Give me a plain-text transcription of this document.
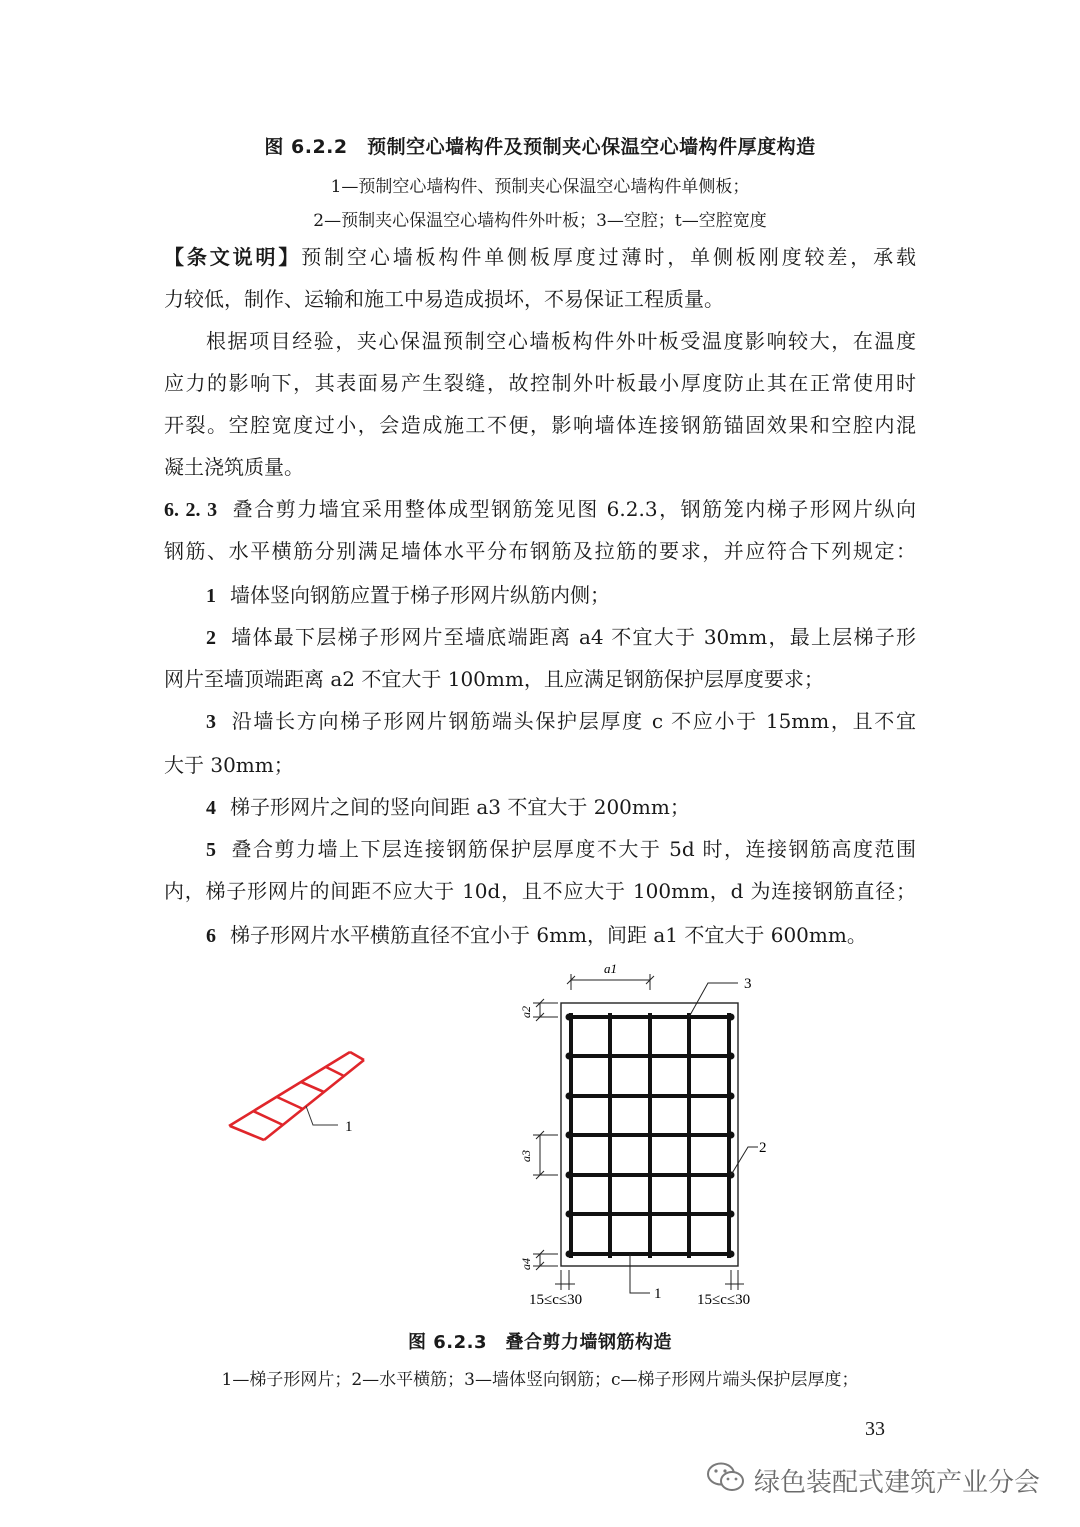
图 6.2.2　预制空心墙构件及预制夹心保温空心墙构件厚度构造
1—预制空心墙构件、预制夹心保温空心墙构件单侧板；
2—预制夹心保温空心墙构件外叶板；3—空腔；t—空腔宽度
【条文说明】预制空心墙板构件单侧板厚度过薄时，单侧板刚度较差，承载
力较低，制作、运输和施工中易造成损坏，不易保证工程质量。
根据项目经验，夹心保温预制空心墙板构件外叶板受温度影响较大，在温度
应力的影响下，其表面易产生裂缝，故控制外叶板最小厚度防止其在正常使用时
开裂。空腔宽度过小，会造成施工不便，影响墙体连接钢筋锚固效果和空腔内混
凝土浇筑质量。
6. 2. 3 叠合剪力墙宜采用整体成型钢筋笼见图 6.2.3，钢筋笼内梯子形网片纵向
钢筋、水平横筋分别满足墙体水平分布钢筋及拉筋的要求，并应符合下列规定：
1 墙体竖向钢筋应置于梯子形网片纵筋内侧；
2 墙体最下层梯子形网片至墙底端距离 a4 不宜大于 30mm，最上层梯子形
网片至墙顶端距离 a2 不宜大于 100mm，且应满足钢筋保护层厚度要求；
3 沿墙长方向梯子形网片钢筋端头保护层厚度 c 不应小于 15mm，且不宜
大于 30mm；
4 梯子形网片之间的竖向间距 a3 不宜大于 200mm；
5 叠合剪力墙上下层连接钢筋保护层厚度不大于 5d 时，连接钢筋高度范围
内，梯子形网片的间距不应大于 10d，且不应大于 100mm，d 为连接钢筋直径；
6 梯子形网片水平横筋直径不宜小于 6mm，间距 a1 不宜大于 600mm。
1
a1
3
a2
a3	2
a4
1
15≤c≤30	15≤c≤30
图 6.2.3　叠合剪力墙钢筋构造
1—梯子形网片；2—水平横筋；3—墙体竖向钢筋；c—梯子形网片端头保护层厚度；
33
绿色装配式建筑产业分会
